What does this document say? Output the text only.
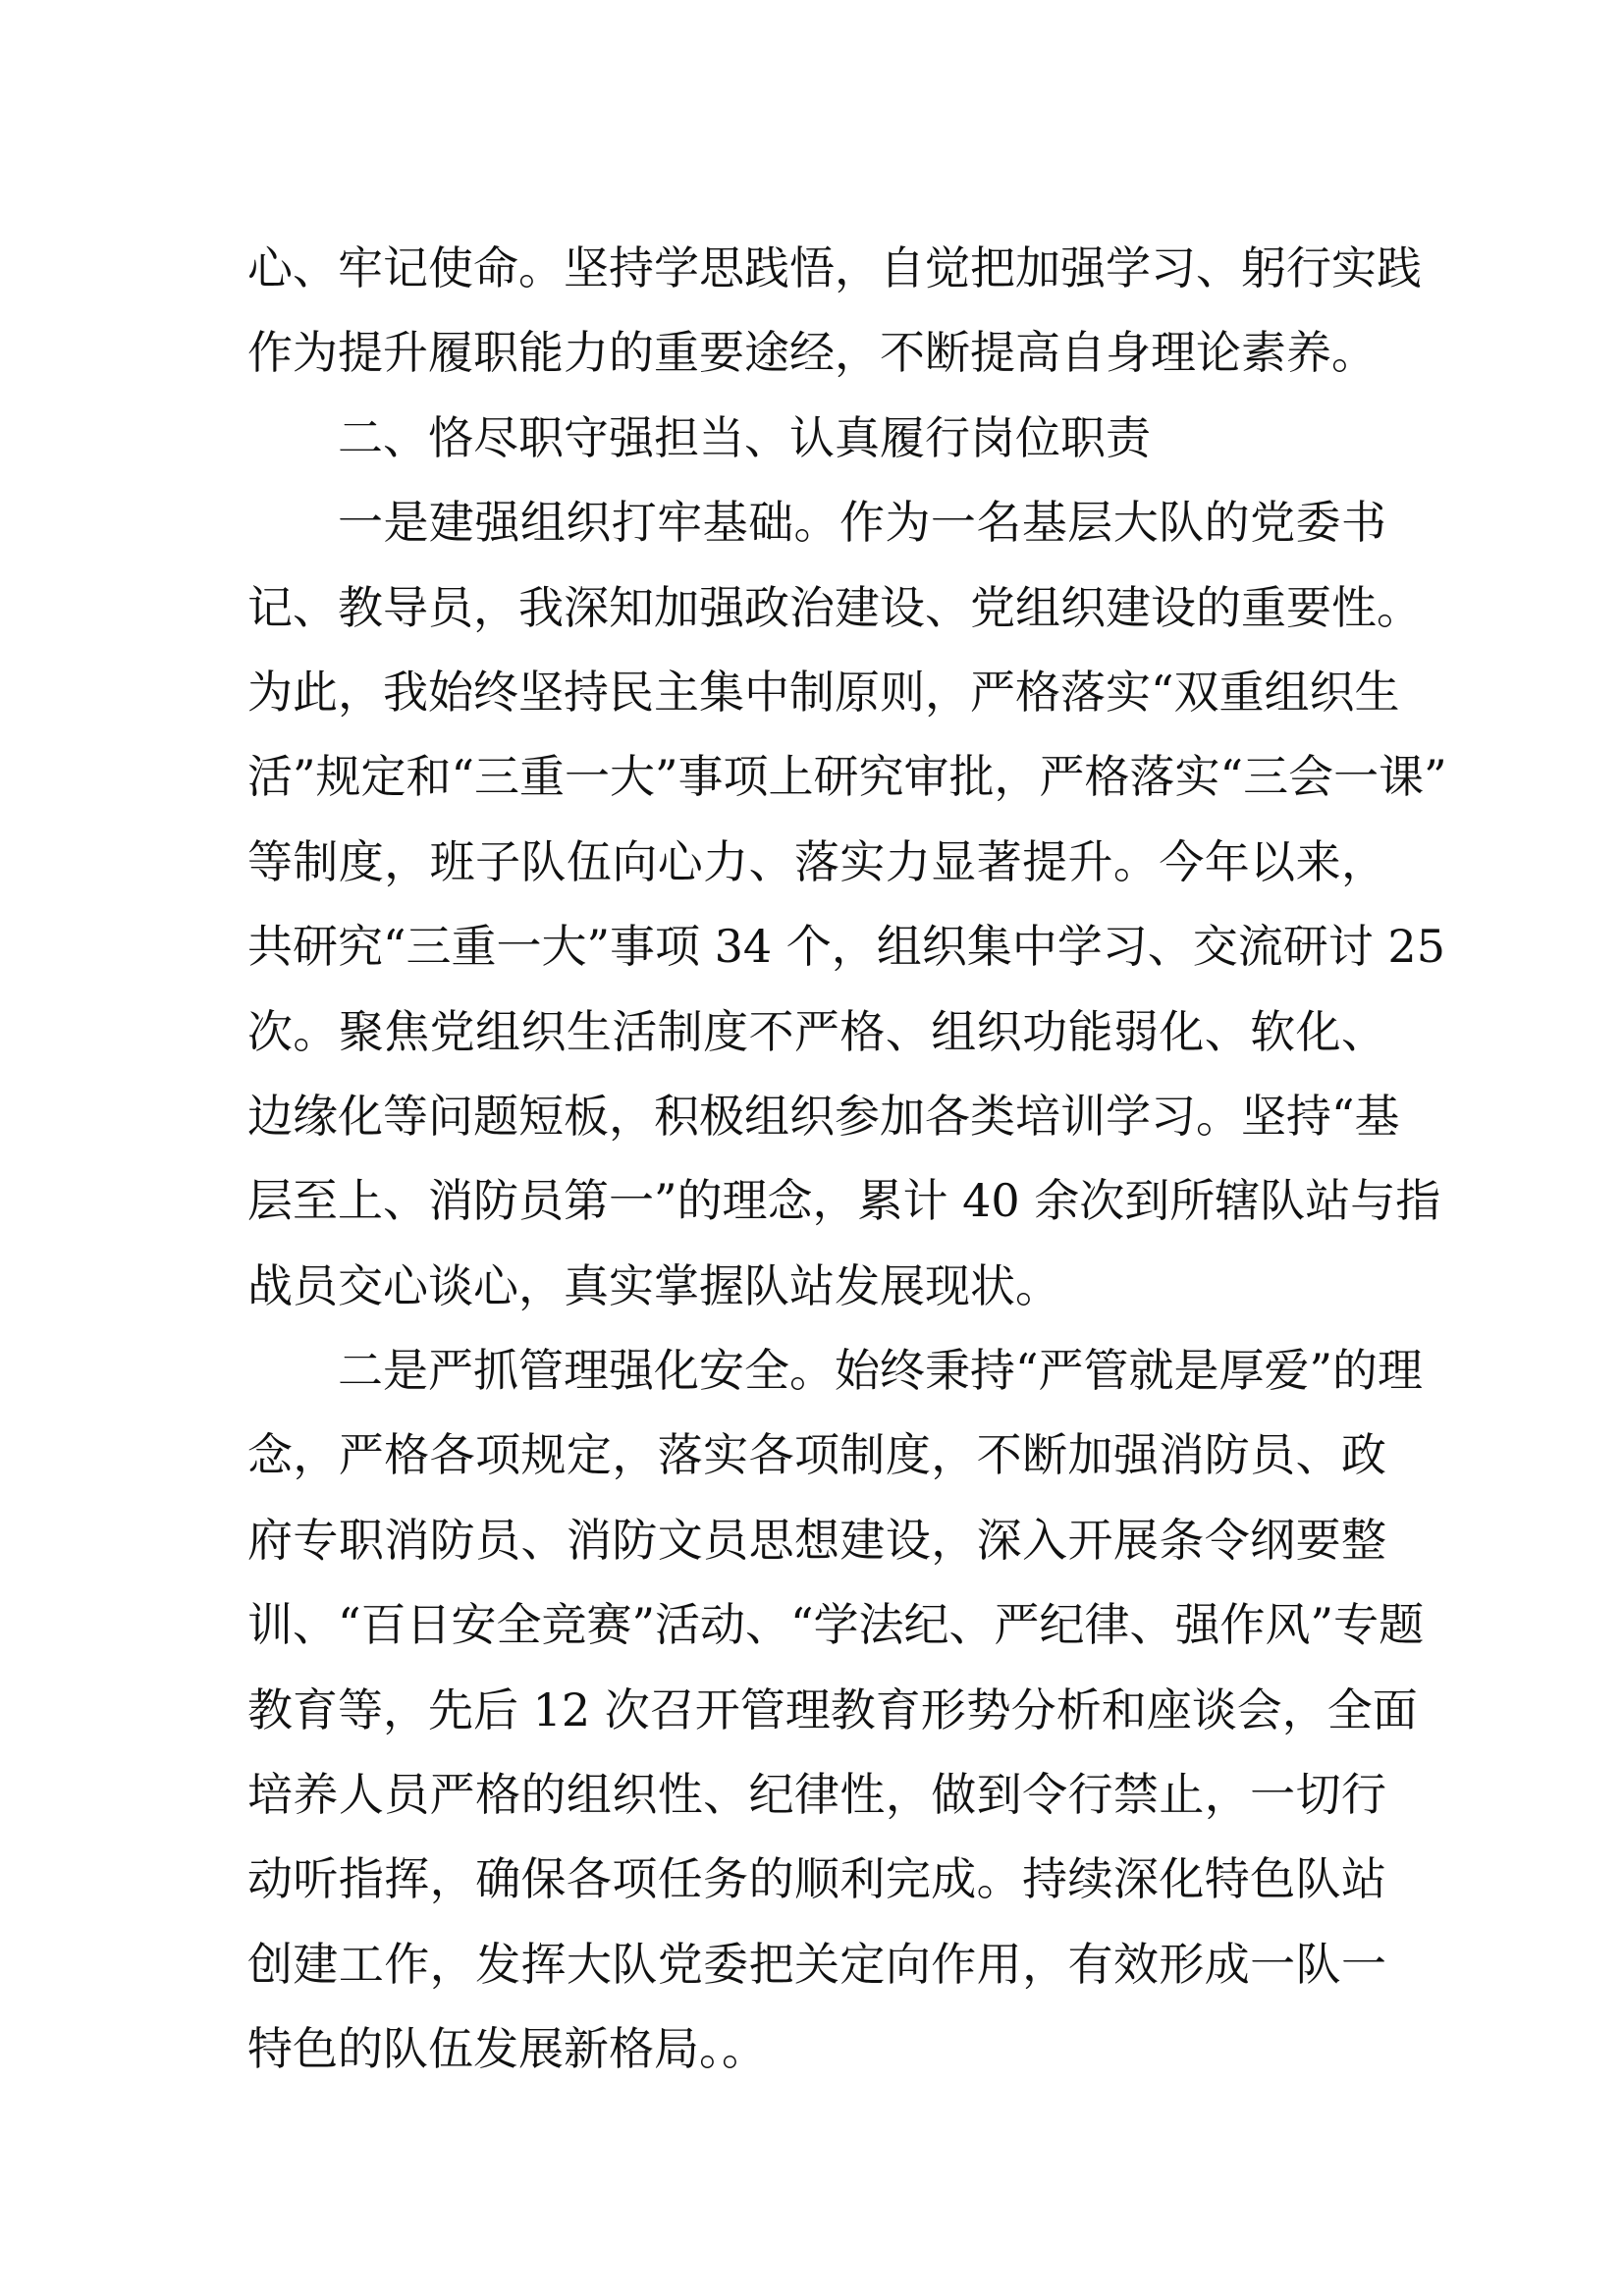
心、牢记使命。坚持学思践悟，自觉把加强学习、躬行实践
作为提升履职能力的重要途经，不断提高自身理论素养。
二、恪尽职守强担当、认真履行岗位职责
一是建强组织打牢基础。作为一名基层大队的党委书
记、教导员，我深知加强政治建设、党组织建设的重要性。
为此，我始终坚持民主集中制原则，严格落实“双重组织生
活”规定和“三重一大”事项上研究审批，严格落实“三会一课”
等制度，班子队伍向心力、落实力显著提升。今年以来，
共研究“三重一大”事项 34 个，组织集中学习、交流研讨 25
次。聚焦党组织生活制度不严格、组织功能弱化、软化、
边缘化等问题短板，积极组织参加各类培训学习。坚持“基
层至上、消防员第一”的理念，累计 40 余次到所辖队站与指
战员交心谈心，真实掌握队站发展现状。
二是严抓管理强化安全。始终秉持“严管就是厚爱”的理
念，严格各项规定，落实各项制度，不断加强消防员、政
府专职消防员、消防文员思想建设，深入开展条令纲要整
训、“百日安全竞赛”活动、“学法纪、严纪律、强作风”专题
教育等，先后 12 次召开管理教育形势分析和座谈会，全面
培养人员严格的组织性、纪律性，做到令行禁止，一切行
动听指挥，确保各项任务的顺利完成。持续深化特色队站
创建工作，发挥大队党委把关定向作用，有效形成一队一
特色的队伍发展新格局。。
